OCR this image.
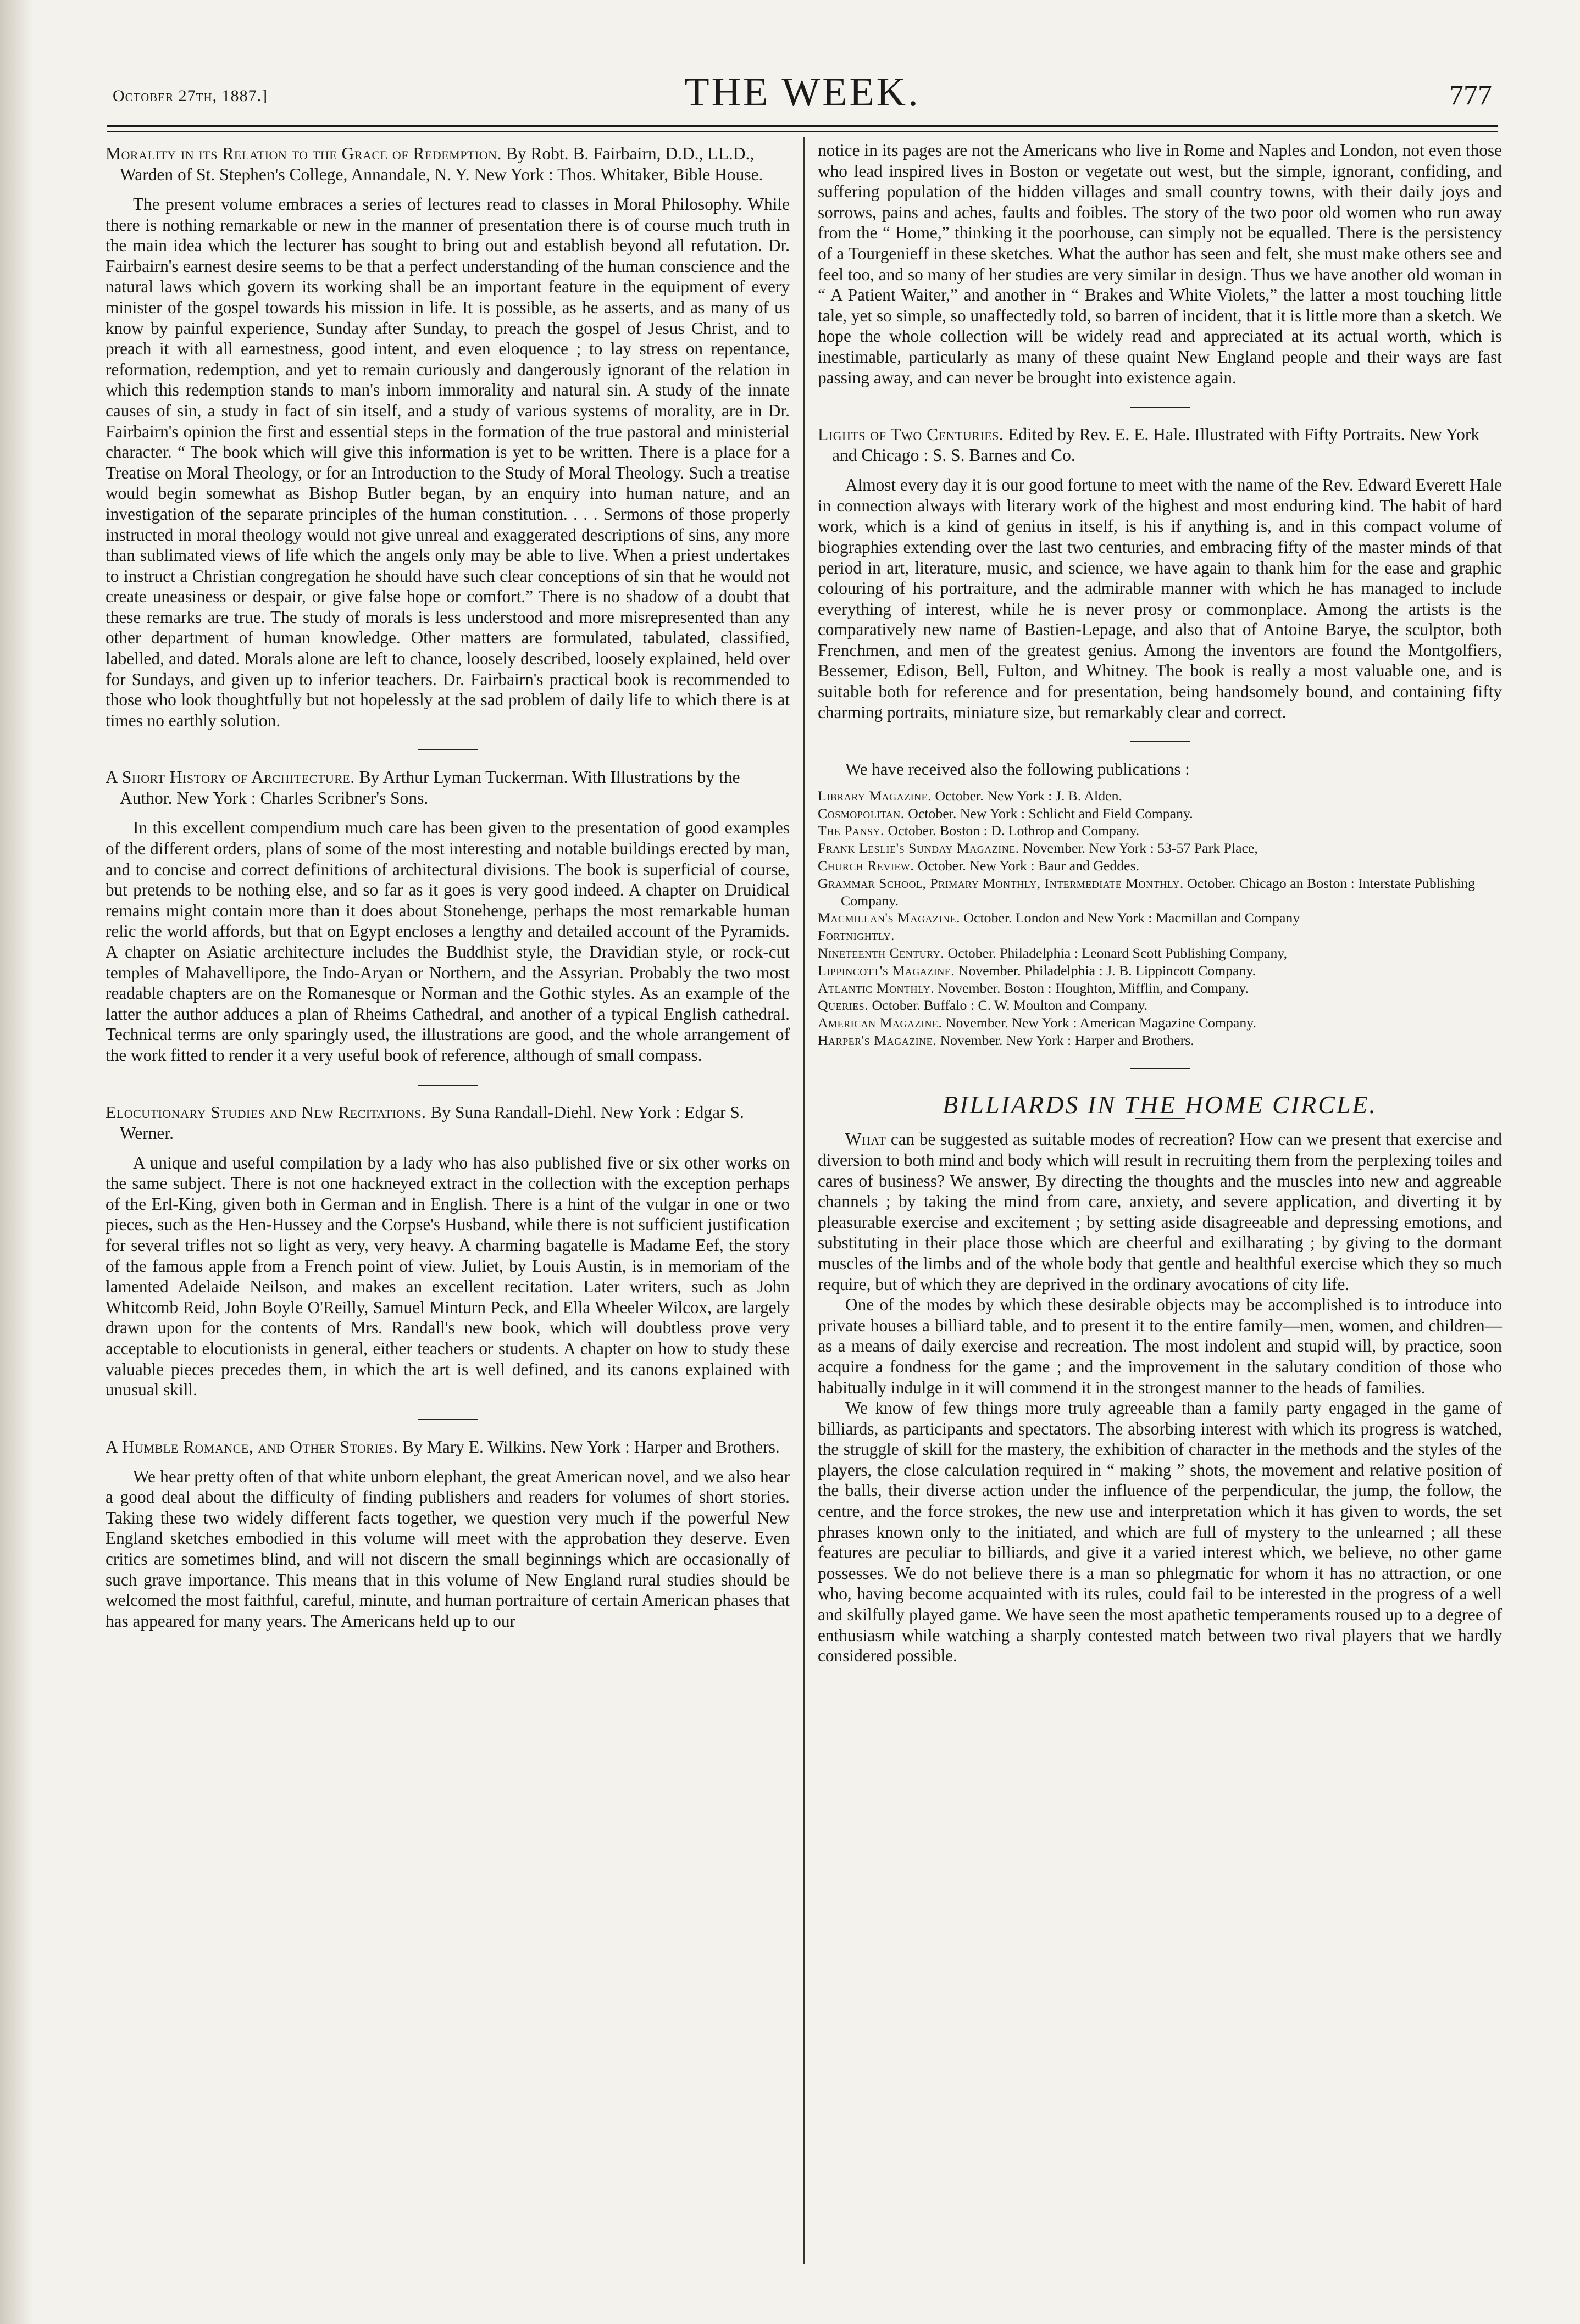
October 27th, 1887.]	THE WEEK.	777

Morality in its Relation to the Grace of Redemption. By Robt. B. Fairbairn, D.D., LL.D., Warden of St. Stephen's College, Annandale, N. Y. New York : Thos. Whitaker, Bible House.

The present volume embraces a series of lectures read to classes in Moral Philosophy. While there is nothing remarkable or new in the manner of presentation there is of course much truth in the main idea which the lecturer has sought to bring out and establish beyond all refutation. Dr. Fairbairn's earnest desire seems to be that a perfect understanding of the human conscience and the natural laws which govern its working shall be an important feature in the equipment of every minister of the gospel towards his mission in life. It is possible, as he asserts, and as many of us know by painful experience, Sunday after Sunday, to preach the gospel of Jesus Christ, and to preach it with all earnestness, good intent, and even eloquence ; to lay stress on repentance, reformation, redemption, and yet to remain curiously and dangerously ignorant of the relation in which this redemption stands to man's inborn immorality and natural sin. A study of the innate causes of sin, a study in fact of sin itself, and a study of various systems of morality, are in Dr. Fairbairn's opinion the first and essential steps in the formation of the true pastoral and ministerial character. “ The book which will give this information is yet to be written. There is a place for a Treatise on Moral Theology, or for an Introduction to the Study of Moral Theology. Such a treatise would begin somewhat as Bishop Butler began, by an enquiry into human nature, and an investigation of the separate principles of the human constitution. . . . Sermons of those properly instructed in moral theology would not give unreal and exaggerated descriptions of sins, any more than sublimated views of life which the angels only may be able to live. When a priest undertakes to instruct a Christian congregation he should have such clear conceptions of sin that he would not create uneasiness or despair, or give false hope or comfort.” There is no shadow of a doubt that these remarks are true. The study of morals is less understood and more misrepresented than any other department of human knowledge. Other matters are formulated, tabulated, classified, labelled, and dated. Morals alone are left to chance, loosely described, loosely explained, held over for Sundays, and given up to inferior teachers. Dr. Fairbairn's practical book is recommended to those who look thoughtfully but not hopelessly at the sad problem of daily life to which there is at times no earthly solution.

A Short History of Architecture. By Arthur Lyman Tuckerman. With Illustrations by the Author. New York : Charles Scribner's Sons.

In this excellent compendium much care has been given to the presentation of good examples of the different orders, plans of some of the most interesting and notable buildings erected by man, and to concise and correct definitions of architectural divisions. The book is superficial of course, but pretends to be nothing else, and so far as it goes is very good indeed. A chapter on Druidical remains might contain more than it does about Stonehenge, perhaps the most remarkable human relic the world affords, but that on Egypt encloses a lengthy and detailed account of the Pyramids. A chapter on Asiatic architecture includes the Buddhist style, the Dravidian style, or rock-cut temples of Mahavellipore, the Indo-Aryan or Northern, and the Assyrian. Probably the two most readable chapters are on the Romanesque or Norman and the Gothic styles. As an example of the latter the author adduces a plan of Rheims Cathedral, and another of a typical English cathedral. Technical terms are only sparingly used, the illustrations are good, and the whole arrangement of the work fitted to render it a very useful book of reference, although of small compass.

Elocutionary Studies and New Recitations. By Suna Randall-Diehl. New York : Edgar S. Werner.

A unique and useful compilation by a lady who has also published five or six other works on the same subject. There is not one hackneyed extract in the collection with the exception perhaps of the Erl-King, given both in German and in English. There is a hint of the vulgar in one or two pieces, such as the Hen-Hussey and the Corpse's Husband, while there is not sufficient justification for several trifles not so light as very, very heavy. A charming bagatelle is Madame Eef, the story of the famous apple from a French point of view. Juliet, by Louis Austin, is in memoriam of the lamented Adelaide Neilson, and makes an excellent recitation. Later writers, such as John Whitcomb Reid, John Boyle O'Reilly, Samuel Minturn Peck, and Ella Wheeler Wilcox, are largely drawn upon for the contents of Mrs. Randall's new book, which will doubtless prove very acceptable to elocutionists in general, either teachers or students. A chapter on how to study these valuable pieces precedes them, in which the art is well defined, and its canons explained with unusual skill.

A Humble Romance, and Other Stories. By Mary E. Wilkins. New York : Harper and Brothers.

We hear pretty often of that white unborn elephant, the great American novel, and we also hear a good deal about the difficulty of finding publishers and readers for volumes of short stories. Taking these two widely different facts together, we question very much if the powerful New England sketches embodied in this volume will meet with the approbation they deserve. Even critics are sometimes blind, and will not discern the small beginnings which are occasionally of such grave importance. This means that in this volume of New England rural studies should be welcomed the most faithful, careful, minute, and human portraiture of certain American phases that has appeared for many years. The Americans held up to our

notice in its pages are not the Americans who live in Rome and Naples and London, not even those who lead inspired lives in Boston or vegetate out west, but the simple, ignorant, confiding, and suffering population of the hidden villages and small country towns, with their daily joys and sorrows, pains and aches, faults and foibles. The story of the two poor old women who run away from the “ Home,” thinking it the poorhouse, can simply not be equalled. There is the persistency of a Tourgenieff in these sketches. What the author has seen and felt, she must make others see and feel too, and so many of her studies are very similar in design. Thus we have another old woman in “ A Patient Waiter,” and another in “ Brakes and White Violets,” the latter a most touching little tale, yet so simple, so unaffectedly told, so barren of incident, that it is little more than a sketch. We hope the whole collection will be widely read and appreciated at its actual worth, which is inestimable, particularly as many of these quaint New England people and their ways are fast passing away, and can never be brought into existence again.

Lights of Two Centuries. Edited by Rev. E. E. Hale. Illustrated with Fifty Portraits. New York and Chicago : S. S. Barnes and Co.

Almost every day it is our good fortune to meet with the name of the Rev. Edward Everett Hale in connection always with literary work of the highest and most enduring kind. The habit of hard work, which is a kind of genius in itself, is his if anything is, and in this compact volume of biographies extending over the last two centuries, and embracing fifty of the master minds of that period in art, literature, music, and science, we have again to thank him for the ease and graphic colouring of his portraiture, and the admirable manner with which he has managed to include everything of interest, while he is never prosy or commonplace. Among the artists is the comparatively new name of Bastien-Lepage, and also that of Antoine Barye, the sculptor, both Frenchmen, and men of the greatest genius. Among the inventors are found the Montgolfiers, Bessemer, Edison, Bell, Fulton, and Whitney. The book is really a most valuable one, and is suitable both for reference and for presentation, being handsomely bound, and containing fifty charming portraits, miniature size, but remarkably clear and correct.

We have received also the following publications :

Library Magazine. October. New York : J. B. Alden.
Cosmopolitan. October. New York : Schlicht and Field Company.
The Pansy. October. Boston : D. Lothrop and Company.
Frank Leslie's Sunday Magazine. November. New York : 53-57 Park Place,
Church Review. October. New York : Baur and Geddes.
Grammar School, Primary Monthly, Intermediate Monthly. October. Chicago an Boston : Interstate Publishing Company.
Macmillan's Magazine. October. London and New York : Macmillan and Company
Fortnightly.
Nineteenth Century. October. Philadelphia : Leonard Scott Publishing Company,
Lippincott's Magazine. November. Philadelphia : J. B. Lippincott Company.
Atlantic Monthly. November. Boston : Houghton, Mifflin, and Company.
Queries. October. Buffalo : C. W. Moulton and Company.
American Magazine. November. New York : American Magazine Company.
Harper's Magazine. November. New York : Harper and Brothers.
BILLIARDS IN THE HOME CIRCLE.

What can be suggested as suitable modes of recreation? How can we present that exercise and diversion to both mind and body which will result in recruiting them from the perplexing toiles and cares of business? We answer, By directing the thoughts and the muscles into new and aggreable channels ; by taking the mind from care, anxiety, and severe application, and diverting it by pleasurable exercise and excitement ; by setting aside disagreeable and depressing emotions, and substituting in their place those which are cheerful and exilharating ; by giving to the dormant muscles of the limbs and of the whole body that gentle and healthful exercise which they so much require, but of which they are deprived in the ordinary avocations of city life.

One of the modes by which these desirable objects may be accomplished is to introduce into private houses a billiard table, and to present it to the entire family—men, women, and children—as a means of daily exercise and recreation. The most indolent and stupid will, by practice, soon acquire a fondness for the game ; and the improvement in the salutary condition of those who habitually indulge in it will commend it in the strongest manner to the heads of families.

We know of few things more truly agreeable than a family party engaged in the game of billiards, as participants and spectators. The absorbing interest with which its progress is watched, the struggle of skill for the mastery, the exhibition of character in the methods and the styles of the players, the close calculation required in “ making ” shots, the movement and relative position of the balls, their diverse action under the influence of the perpendicular, the jump, the follow, the centre, and the force strokes, the new use and interpretation which it has given to words, the set phrases known only to the initiated, and which are full of mystery to the unlearned ; all these features are peculiar to billiards, and give it a varied interest which, we believe, no other game possesses. We do not believe there is a man so phlegmatic for whom it has no attraction, or one who, having become acquainted with its rules, could fail to be interested in the progress of a well and skilfully played game. We have seen the most apathetic temperaments roused up to a degree of enthusiasm while watching a sharply contested match between two rival players that we hardly considered possible.
